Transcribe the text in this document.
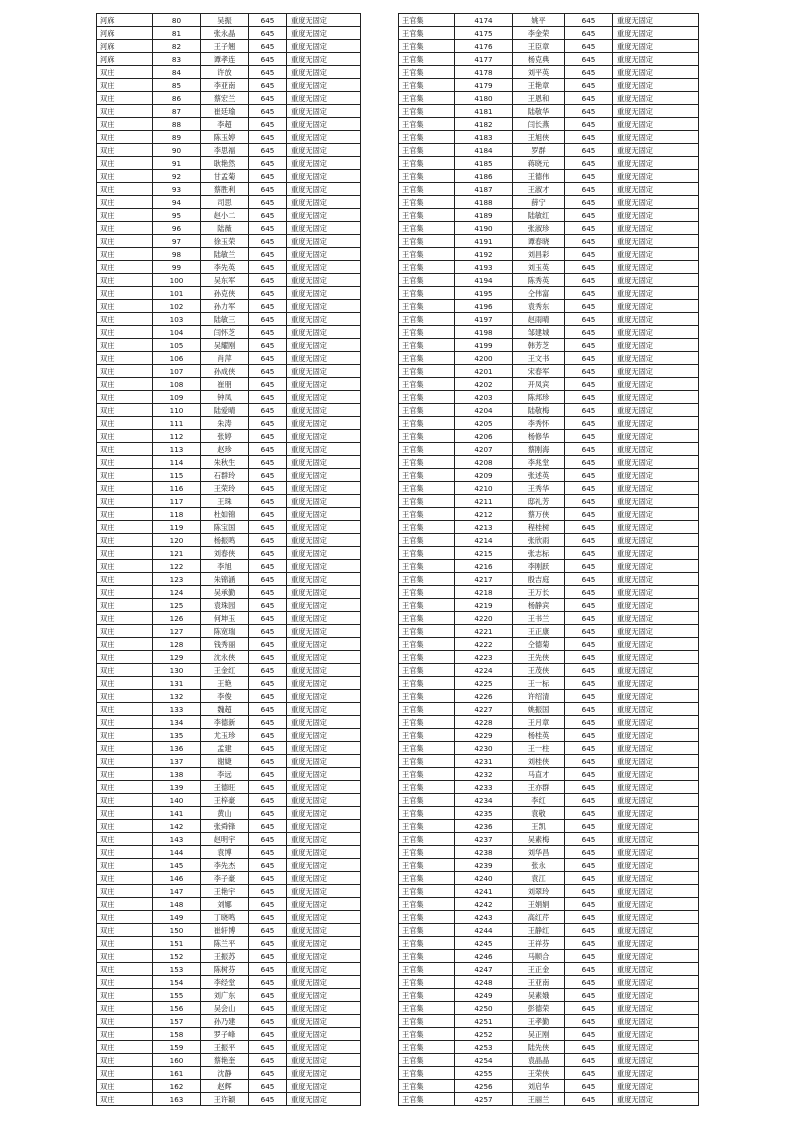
河庥	80	吴振	645	重度无固定
河庥	81	张永晶	645	重度无固定
河庥	82	王子翘	645	重度无固定
河庥	83	谭孝连	645	重度无固定
双庄	84	许放	645	重度无固定
双庄	85	李亚南	645	重度无固定
双庄	86	蔡宏兰	645	重度无固定
双庄	87	崔廷瑜	645	重度无固定
双庄	88	李超	645	重度无固定
双庄	89	陈玉婷	645	重度无固定
双庄	90	李思福	645	重度无固定
双庄	91	耿艳然	645	重度无固定
双庄	92	甘孟菊	645	重度无固定
双庄	93	蔡胜利	645	重度无固定
双庄	94	司思	645	重度无固定
双庄	95	赵小二	645	重度无固定
双庄	96	陆薇	645	重度无固定
双庄	97	徐玉荣	645	重度无固定
双庄	98	陆敏兰	645	重度无固定
双庄	99	李先英	645	重度无固定
双庄	100	吴东军	645	重度无固定
双庄	101	孙克侠	645	重度无固定
双庄	102	孙力军	645	重度无固定
双庄	103	陆敏三	645	重度无固定
双庄	104	闫怀芝	645	重度无固定
双庄	105	吴耀刚	645	重度无固定
双庄	106	肖萍	645	重度无固定
双庄	107	孙成侠	645	重度无固定
双庄	108	崔朋	645	重度无固定
双庄	109	钟凤	645	重度无固定
双庄	110	陆爱晴	645	重度无固定
双庄	111	朱涛	645	重度无固定
双庄	112	张婷	645	重度无固定
双庄	113	赵珍	645	重度无固定
双庄	114	朱秋生	645	重度无固定
双庄	115	石群玲	645	重度无固定
双庄	116	王荣玲	645	重度无固定
双庄	117	王珠	645	重度无固定
双庄	118	杜如锦	645	重度无固定
双庄	119	陈宝国	645	重度无固定
双庄	120	杨振鸣	645	重度无固定
双庄	121	刘春侠	645	重度无固定
双庄	122	李旭	645	重度无固定
双庄	123	朱锦涵	645	重度无固定
双庄	124	吴承勤	645	重度无固定
双庄	125	袁珠园	645	重度无固定
双庄	126	何坤玉	645	重度无固定
双庄	127	陈宽瑞	645	重度无固定
双庄	128	钱秀丽	645	重度无固定
双庄	129	沈永侠	645	重度无固定
双庄	130	王金红	645	重度无固定
双庄	131	王艳	645	重度无固定
双庄	132	李俊	645	重度无固定
双庄	133	魏超	645	重度无固定
双庄	134	李德新	645	重度无固定
双庄	135	尤玉珍	645	重度无固定
双庄	136	孟建	645	重度无固定
双庄	137	谢婕	645	重度无固定
双庄	138	李远	645	重度无固定
双庄	139	王德旺	645	重度无固定
双庄	140	王梓豪	645	重度无固定
双庄	141	黄山	645	重度无固定
双庄	142	张舜锋	645	重度无固定
双庄	143	赵明宇	645	重度无固定
双庄	144	袁博	645	重度无固定
双庄	145	李先杰	645	重度无固定
双庄	146	李子豪	645	重度无固定
双庄	147	王艳宇	645	重度无固定
双庄	148	刘娜	645	重度无固定
双庄	149	丁晓鸣	645	重度无固定
双庄	150	崔轩博	645	重度无固定
双庄	151	陈兰平	645	重度无固定
双庄	152	王振苏	645	重度无固定
双庄	153	陈树芬	645	重度无固定
双庄	154	李经堂	645	重度无固定
双庄	155	刘广东	645	重度无固定
双庄	156	吴会山	645	重度无固定
双庄	157	孙乃建	645	重度无固定
双庄	158	罗子峰	645	重度无固定
双庄	159	王振平	645	重度无固定
双庄	160	蔡艳奎	645	重度无固定
双庄	161	沈静	645	重度无固定
双庄	162	赵辉	645	重度无固定
双庄	163	王许颖	645	重度无固定
王官集	4174	姚平	645	重度无固定
王官集	4175	李金荣	645	重度无固定
王官集	4176	王臣章	645	重度无固定
王官集	4177	杨克典	645	重度无固定
王官集	4178	刘平英	645	重度无固定
王官集	4179	王艳章	645	重度无固定
王官集	4180	王恩和	645	重度无固定
王官集	4181	陆敬华	645	重度无固定
王官集	4182	闫长燕	645	重度无固定
王官集	4183	王旭侠	645	重度无固定
王官集	4184	罗群	645	重度无固定
王官集	4185	蒋晓元	645	重度无固定
王官集	4186	王德伟	645	重度无固定
王官集	4187	王淑才	645	重度无固定
王官集	4188	薛宁	645	重度无固定
王官集	4189	陆敏红	645	重度无固定
王官集	4190	张淑珍	645	重度无固定
王官集	4191	谭春晓	645	重度无固定
王官集	4192	刘昌彩	645	重度无固定
王官集	4193	刘玉英	645	重度无固定
王官集	4194	陈秀英	645	重度无固定
王官集	4195	仝伟富	645	重度无固定
王官集	4196	袁秀东	645	重度无固定
王官集	4197	赵雨晴	645	重度无固定
王官集	4198	邹建城	645	重度无固定
王官集	4199	韩芳芝	645	重度无固定
王官集	4200	王文书	645	重度无固定
王官集	4201	宋春军	645	重度无固定
王官集	4202	开凤宾	645	重度无固定
王官集	4203	陈邦珍	645	重度无固定
王官集	4204	陆敬梅	645	重度无固定
王官集	4205	李秀怀	645	重度无固定
王官集	4206	杨修华	645	重度无固定
王官集	4207	蔡刚海	645	重度无固定
王官集	4208	李兆堂	645	重度无固定
王官集	4209	张述英	645	重度无固定
王官集	4210	王秀华	645	重度无固定
王官集	4211	邸礼芳	645	重度无固定
王官集	4212	蔡万侠	645	重度无固定
王官集	4213	程桂树	645	重度无固定
王官集	4214	张欣雨	645	重度无固定
王官集	4215	张志标	645	重度无固定
王官集	4216	李刚跃	645	重度无固定
王官集	4217	殷吉庭	645	重度无固定
王官集	4218	王万长	645	重度无固定
王官集	4219	杨静宾	645	重度无固定
王官集	4220	王书兰	645	重度无固定
王官集	4221	王正康	645	重度无固定
王官集	4222	仝德菊	645	重度无固定
王官集	4223	王先侠	645	重度无固定
王官集	4224	王茂侠	645	重度无固定
王官集	4225	王一标	645	重度无固定
王官集	4226	许绍清	645	重度无固定
王官集	4227	姚振国	645	重度无固定
王官集	4228	王月章	645	重度无固定
王官集	4229	杨桂英	645	重度无固定
王官集	4230	王一柱	645	重度无固定
王官集	4231	刘桂侠	645	重度无固定
王官集	4232	马直才	645	重度无固定
王官集	4233	王亦群	645	重度无固定
王官集	4234	李红	645	重度无固定
王官集	4235	袁敬	645	重度无固定
王官集	4236	王凯	645	重度无固定
王官集	4237	吴素梅	645	重度无固定
王官集	4238	刘华昌	645	重度无固定
王官集	4239	张永	645	重度无固定
王官集	4240	袁江	645	重度无固定
王官集	4241	刘翠玲	645	重度无固定
王官集	4242	王娟娟	645	重度无固定
王官集	4243	高红芹	645	重度无固定
王官集	4244	王静红	645	重度无固定
王官集	4245	王祥芬	645	重度无固定
王官集	4246	马顺合	645	重度无固定
王官集	4247	王正金	645	重度无固定
王官集	4248	王亚南	645	重度无固定
王官集	4249	吴素娥	645	重度无固定
王官集	4250	彭德荣	645	重度无固定
王官集	4251	王孝勤	645	重度无固定
王官集	4252	吴正刚	645	重度无固定
王官集	4253	陆先侠	645	重度无固定
王官集	4254	袁晶晶	645	重度无固定
王官集	4255	王荣侠	645	重度无固定
王官集	4256	刘启华	645	重度无固定
王官集	4257	王丽兰	645	重度无固定
